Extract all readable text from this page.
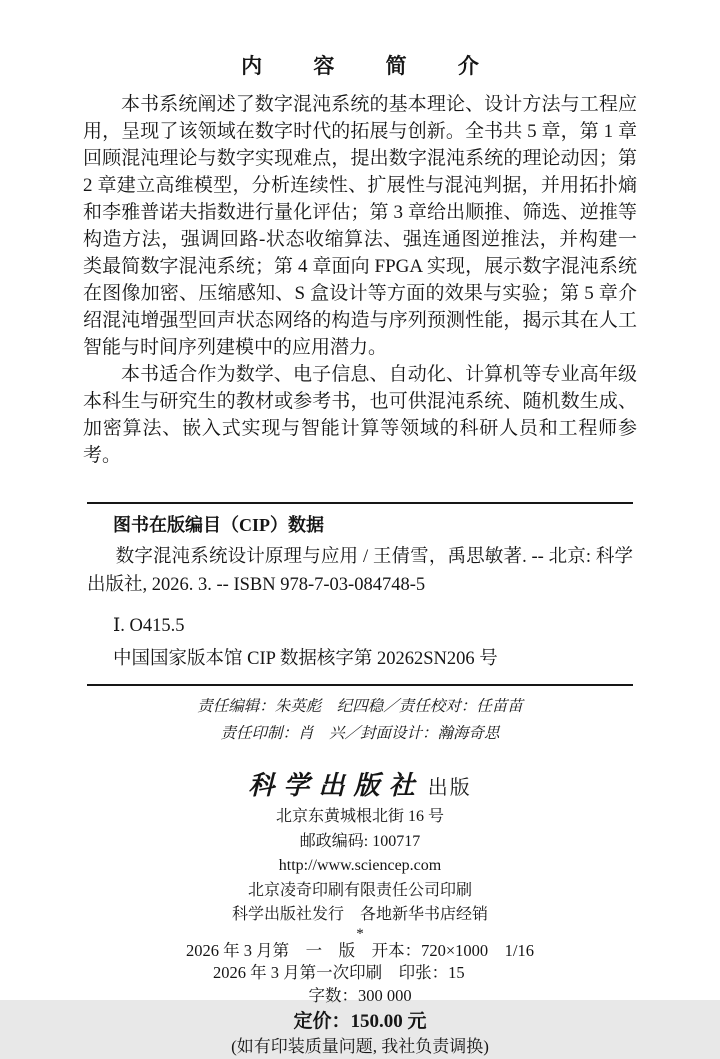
内　容　简　介

本书系统阐述了数字混沌系统的基本理论、设计方法与工程应用，呈现了该领域在数字时代的拓展与创新。全书共 5 章，第 1 章回顾混沌理论与数字实现难点，提出数字混沌系统的理论动因；第 2 章建立高维模型，分析连续性、扩展性与混沌判据，并用拓扑熵和李雅普诺夫指数进行量化评估；第 3 章给出顺推、筛选、逆推等构造方法，强调回路-状态收缩算法、强连通图逆推法，并构建一类最简数字混沌系统；第 4 章面向 FPGA 实现，展示数字混沌系统在图像加密、压缩感知、S 盒设计等方面的效果与实验；第 5 章介绍混沌增强型回声状态网络的构造与序列预测性能，揭示其在人工智能与时间序列建模中的应用潜力。

本书适合作为数学、电子信息、自动化、计算机等专业高年级本科生与研究生的教材或参考书，也可供混沌系统、随机数生成、加密算法、嵌入式实现与智能计算等领域的科研人员和工程师参考。

图书在版编目（CIP）数据

数字混沌系统设计原理与应用 / 王倩雪，禹思敏著. -- 北京: 科学出版社, 2026. 3. -- ISBN 978-7-03-084748-5

Ⅰ. O415.5

中国国家版本馆 CIP 数据核字第 20262SN206 号

责任编辑：朱英彪　纪四稳／责任校对：任苗苗

责任印制：肖　兴／封面设计：瀚海奇思

科学出版社 出版

北京东黄城根北街 16 号

邮政编码: 100717

http://www.sciencep.com

北京凌奇印刷有限责任公司印刷

科学出版社发行　各地新华书店经销

*

2026 年 3 月第　一　版　开本：720×1000　1/16

2026 年 3 月第一次印刷　印张：15

字数：300 000

定价：150.00 元

(如有印装质量问题, 我社负责调换)
